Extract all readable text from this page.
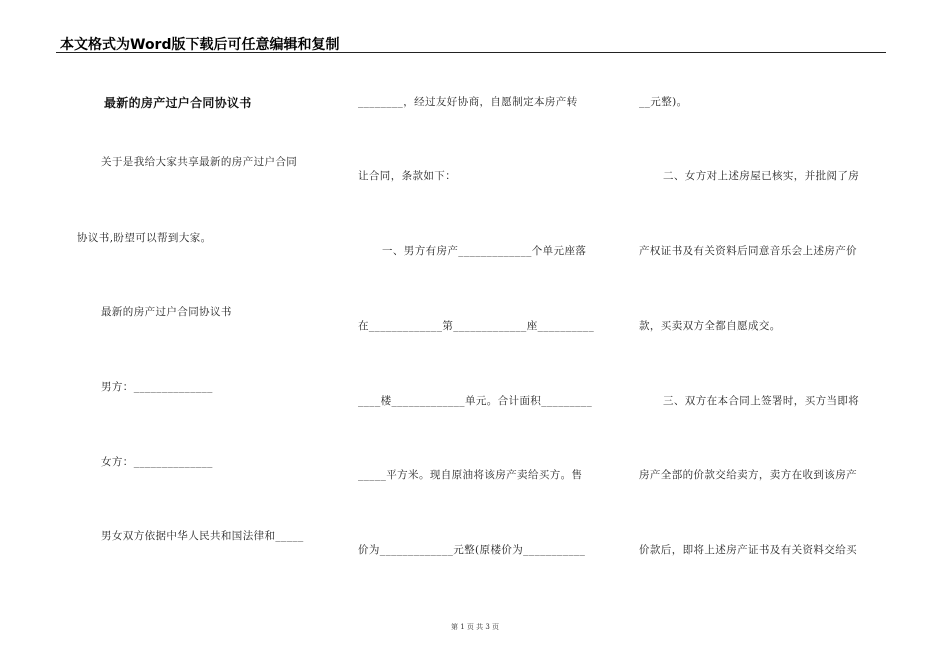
本文格式为Word版下载后可任意编辑和复制
最新的房产过户合同协议书
关于是我给大家共享最新的房产过户合同
协议书,盼望可以帮到大家。
最新的房产过户合同协议书
男方：______________
女方：______________
男女双方依据中华人民共和国法律和_____
________，经过友好协商，自愿制定本房产转
让合同，条款如下：
一、男方有房产_____________个单元座落
在_____________第_____________座__________
____楼_____________单元。合计面积_________
_____平方米。现自原油将该房产卖给买方。售
价为_____________元整(原楼价为___________
__元整)。
二、女方对上述房屋已核实，并批阅了房
产权证书及有关资料后同意音乐会上述房产价
款，买卖双方全都自愿成交。
三、双方在本合同上签署时，买方当即将
房产全部的价款交给卖方，卖方在收到该房产
价款后，即将上述房产证书及有关资料交给买
第 1 页 共 3 页
